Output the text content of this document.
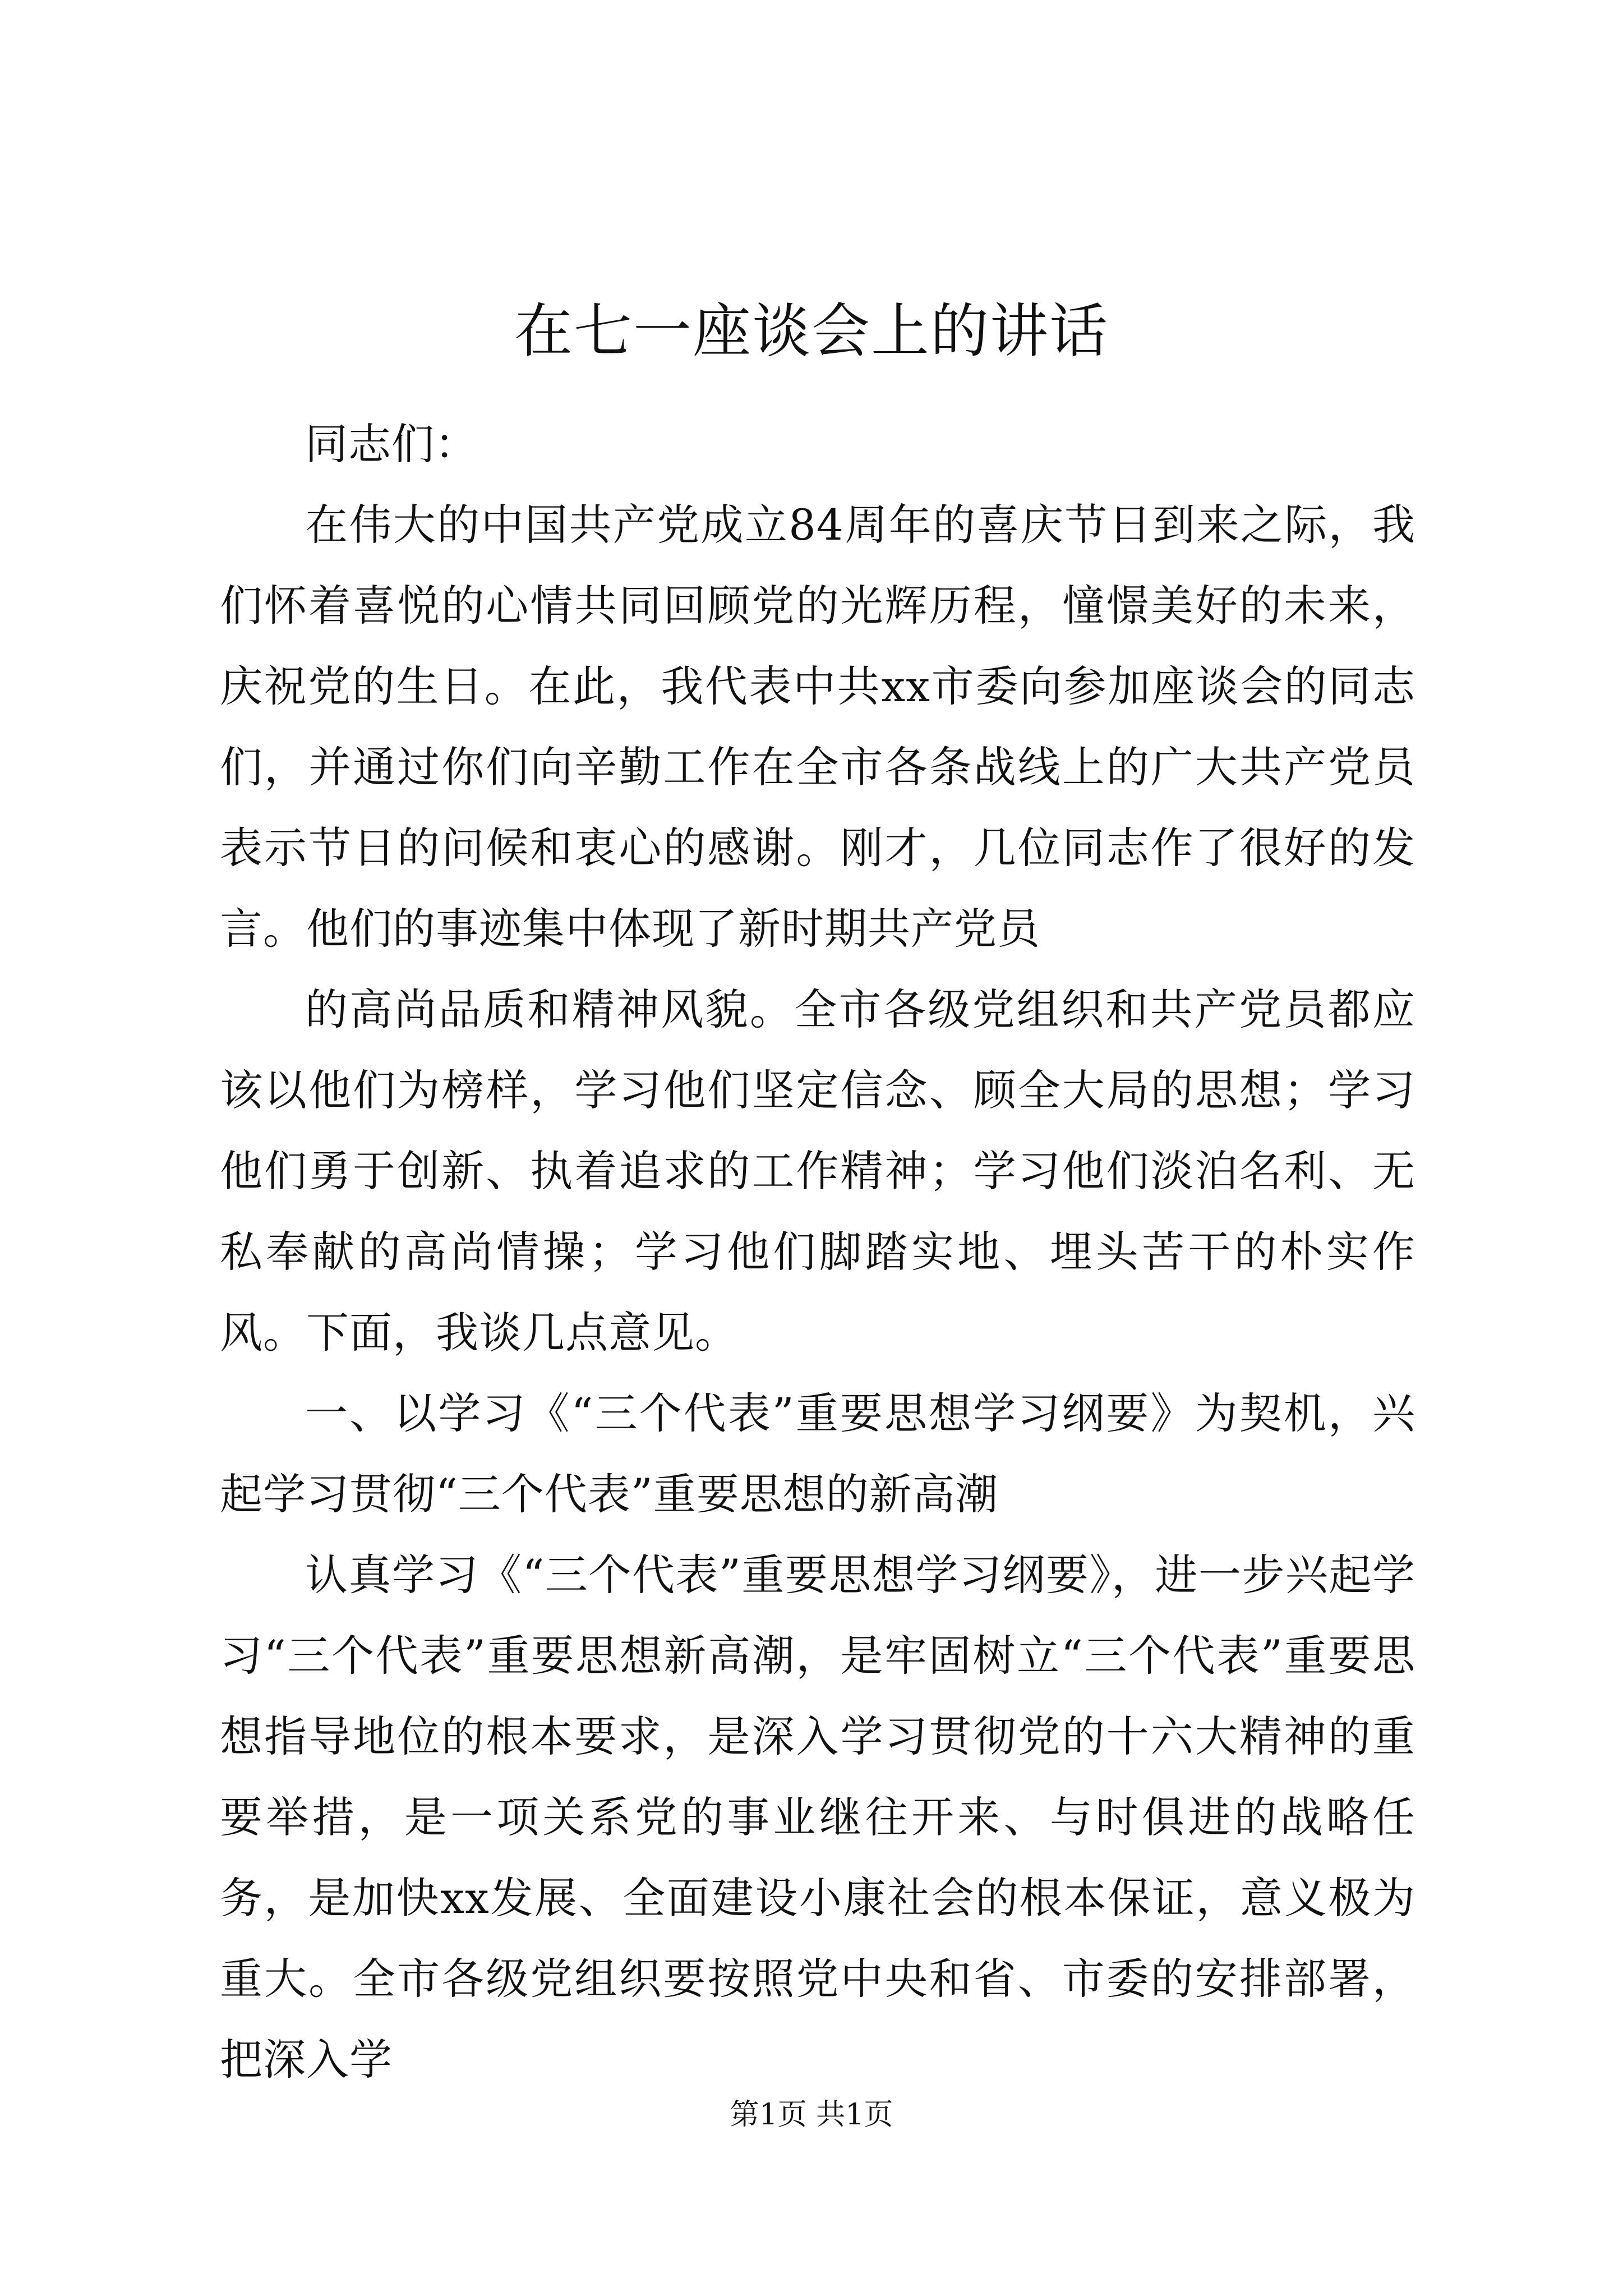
在七一座谈会上的讲话

同志们：

在伟大的中国共产党成立84周年的喜庆节日到来之际，我们怀着喜悦的心情共同回顾党的光辉历程，憧憬美好的未来，庆祝党的生日。在此，我代表中共xx市委向参加座谈会的同志们，并通过你们向辛勤工作在全市各条战线上的广大共产党员表示节日的问候和衷心的感谢。刚才，几位同志作了很好的发言。他们的事迹集中体现了新时期共产党员

的高尚品质和精神风貌。全市各级党组织和共产党员都应该以他们为榜样，学习他们坚定信念、顾全大局的思想；学习他们勇于创新、执着追求的工作精神；学习他们淡泊名利、无私奉献的高尚情操；学习他们脚踏实地、埋头苦干的朴实作风。下面，我谈几点意见。

一、以学习《“三个代表”重要思想学习纲要》为契机，兴起学习贯彻“三个代表”重要思想的新高潮

认真学习《“三个代表”重要思想学习纲要》，进一步兴起学习“三个代表”重要思想新高潮，是牢固树立“三个代表”重要思想指导地位的根本要求，是深入学习贯彻党的十六大精神的重要举措，是一项关系党的事业继往开来、与时俱进的战略任务，是加快xx发展、全面建设小康社会的根本保证，意义极为重大。全市各级党组织要按照党中央和省、市委的安排部署，把深入学

第1页 共1页
